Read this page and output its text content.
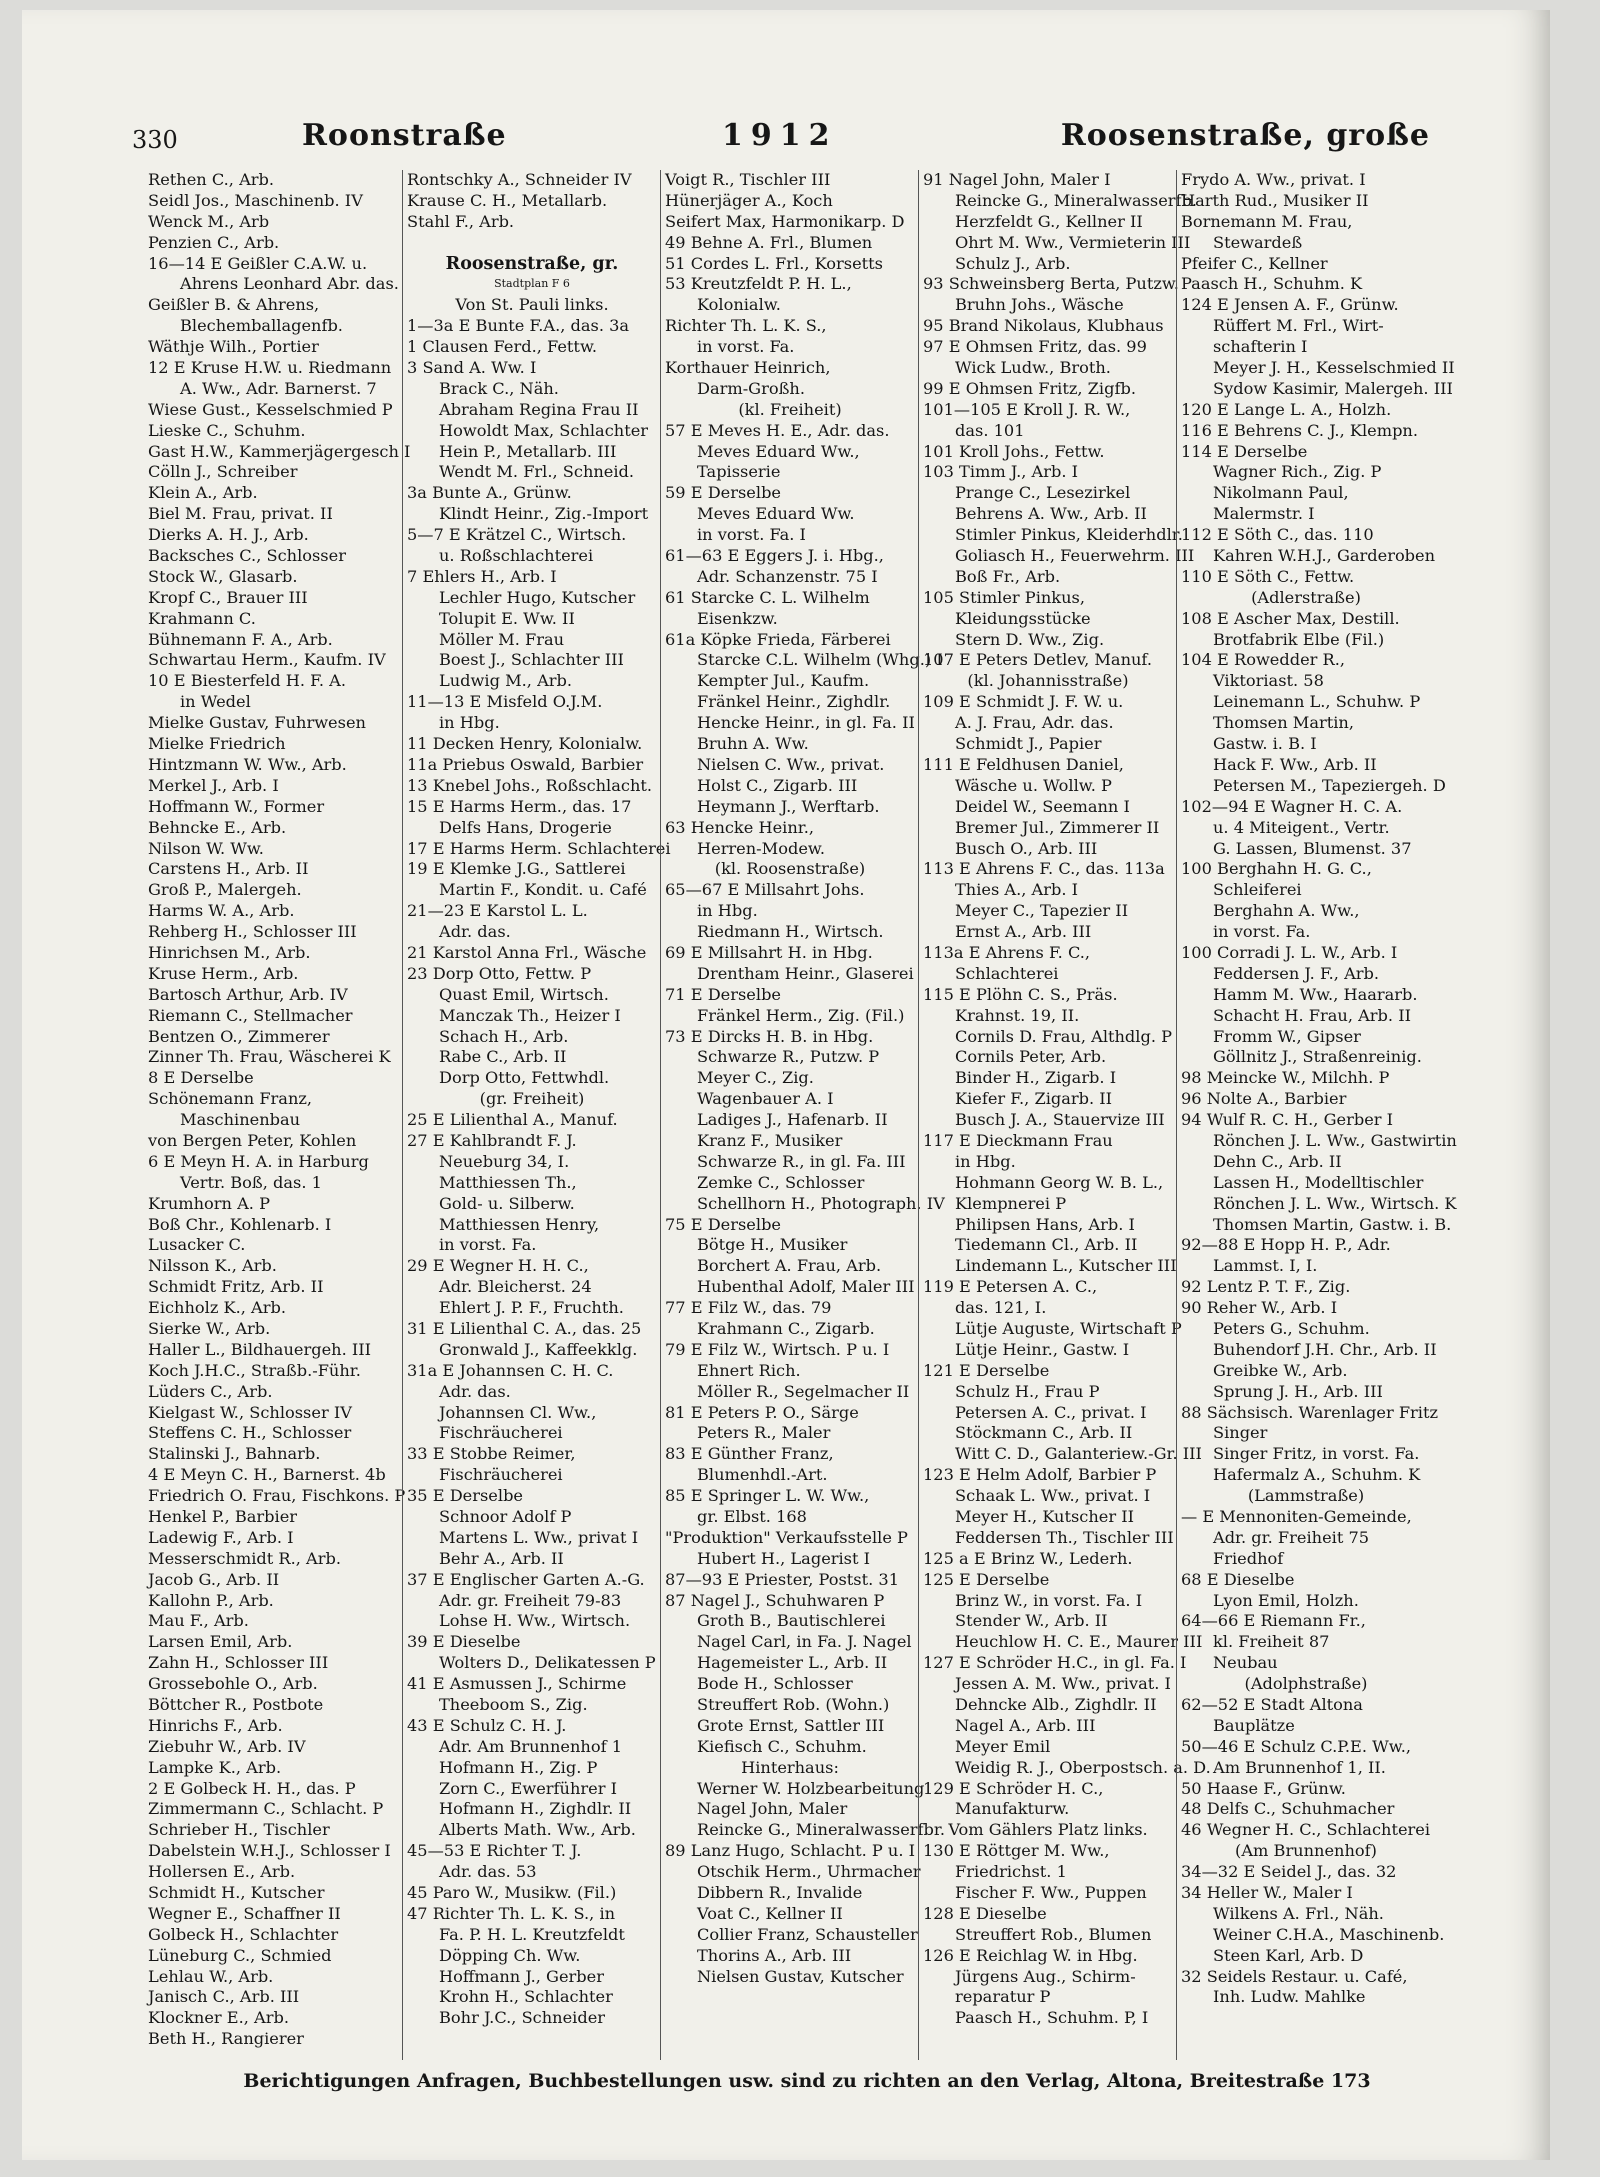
330	Roonstraße	1912	Roosenstraße, große
Rethen C., Arb.
Seidl Jos., Maschinenb. IV
Wenck M., Arb
Penzien C., Arb.
16—14 E Geißler C.A.W. u.
Ahrens Leonhard Abr. das.
Geißler B. & Ahrens,
Blechemballagenfb.
Wäthje Wilh., Portier
12 E Kruse H.W. u. Riedmann
A. Ww., Adr. Barnerst. 7
Wiese Gust., Kesselschmied P
Lieske C., Schuhm.
Gast H.W., Kammerjägergesch I
Cölln J., Schreiber
Klein A., Arb.
Biel M. Frau, privat. II
Dierks A. H. J., Arb.
Backsches C., Schlosser
Stock W., Glasarb.
Kropf C., Brauer III
Krahmann C.
Bühnemann F. A., Arb.
Schwartau Herm., Kaufm. IV
10 E Biesterfeld H. F. A.
in Wedel
Mielke Gustav, Fuhrwesen
Mielke Friedrich
Hintzmann W. Ww., Arb.
Merkel J., Arb. I
Hoffmann W., Former
Behncke E., Arb.
Nilson W. Ww.
Carstens H., Arb. II
Groß P., Malergeh.
Harms W. A., Arb.
Rehberg H., Schlosser III
Hinrichsen M., Arb.
Kruse Herm., Arb.
Bartosch Arthur, Arb. IV
Riemann C., Stellmacher
Bentzen O., Zimmerer
Zinner Th. Frau, Wäscherei K
8 E Derselbe
Schönemann Franz,
Maschinenbau
von Bergen Peter, Kohlen
6 E Meyn H. A. in Harburg
Vertr. Boß, das. 1
Krumhorn A. P
Boß Chr., Kohlenarb. I
Lusacker C.
Nilsson K., Arb.
Schmidt Fritz, Arb. II
Eichholz K., Arb.
Sierke W., Arb.
Haller L., Bildhauergeh. III
Koch J.H.C., Straßb.-Führ.
Lüders C., Arb.
Kielgast W., Schlosser IV
Steffens C. H., Schlosser
Stalinski J., Bahnarb.
4 E Meyn C. H., Barnerst. 4b
Friedrich O. Frau, Fischkons. P
Henkel P., Barbier
Ladewig F., Arb. I
Messerschmidt R., Arb.
Jacob G., Arb. II
Kallohn P., Arb.
Mau F., Arb.
Larsen Emil, Arb.
Zahn H., Schlosser III
Grossebohle O., Arb.
Böttcher R., Postbote
Hinrichs F., Arb.
Ziebuhr W., Arb. IV
Lampke K., Arb.
2 E Golbeck H. H., das. P
Zimmermann C., Schlacht. P
Schrieber H., Tischler
Dabelstein W.H.J., Schlosser I
Hollersen E., Arb.
Schmidt H., Kutscher
Wegner E., Schaffner II
Golbeck H., Schlachter
Lüneburg C., Schmied
Lehlau W., Arb.
Janisch C., Arb. III
Klockner E., Arb.
Beth H., Rangierer
Rontschky A., Schneider IV
Krause C. H., Metallarb.
Stahl F., Arb.
Roosenstraße, gr.
Stadtplan F 6
Von St. Pauli links.
1—3a E Bunte F.A., das. 3a
1 Clausen Ferd., Fettw.
3 Sand A. Ww. I
Brack C., Näh.
Abraham Regina Frau II
Howoldt Max, Schlachter
Hein P., Metallarb. III
Wendt M. Frl., Schneid.
3a Bunte A., Grünw.
Klindt Heinr., Zig.-Import
5—7 E Krätzel C., Wirtsch.
u. Roßschlachterei
7 Ehlers H., Arb. I
Lechler Hugo, Kutscher
Tolupit E. Ww. II
Möller M. Frau
Boest J., Schlachter III
Ludwig M., Arb.
11—13 E Misfeld O.J.M.
in Hbg.
11 Decken Henry, Kolonialw.
11a Priebus Oswald, Barbier
13 Knebel Johs., Roßschlacht.
15 E Harms Herm., das. 17
Delfs Hans, Drogerie
17 E Harms Herm. Schlachterei
19 E Klemke J.G., Sattlerei
Martin F., Kondit. u. Café
21—23 E Karstol L. L.
Adr. das.
21 Karstol Anna Frl., Wäsche
23 Dorp Otto, Fettw. P
Quast Emil, Wirtsch.
Manczak Th., Heizer I
Schach H., Arb.
Rabe C., Arb. II
Dorp Otto, Fettwhdl.
(gr. Freiheit)
25 E Lilienthal A., Manuf.
27 E Kahlbrandt F. J.
Neueburg 34, I.
Matthiessen Th.,
Gold- u. Silberw.
Matthiessen Henry,
in vorst. Fa.
29 E Wegner H. H. C.,
Adr. Bleicherst. 24
Ehlert J. P. F., Fruchth.
31 E Lilienthal C. A., das. 25
Gronwald J., Kaffeekklg.
31a E Johannsen C. H. C.
Adr. das.
Johannsen Cl. Ww.,
Fischräucherei
33 E Stobbe Reimer,
Fischräucherei
35 E Derselbe
Schnoor Adolf P
Martens L. Ww., privat I
Behr A., Arb. II
37 E Englischer Garten A.-G.
Adr. gr. Freiheit 79-83
Lohse H. Ww., Wirtsch.
39 E Dieselbe
Wolters D., Delikatessen P
41 E Asmussen J., Schirme
Theeboom S., Zig.
43 E Schulz C. H. J.
Adr. Am Brunnenhof 1
Hofmann H., Zig. P
Zorn C., Ewerführer I
Hofmann H., Zighdlr. II
Alberts Math. Ww., Arb.
45—53 E Richter T. J.
Adr. das. 53
45 Paro W., Musikw. (Fil.)
47 Richter Th. L. K. S., in
Fa. P. H. L. Kreutzfeldt
Döpping Ch. Ww.
Hoffmann J., Gerber
Krohn H., Schlachter
Bohr J.C., Schneider
Voigt R., Tischler III
Hünerjäger A., Koch
Seifert Max, Harmonikarp. D
49 Behne A. Frl., Blumen
51 Cordes L. Frl., Korsetts
53 Kreutzfeldt P. H. L.,
Kolonialw.
Richter Th. L. K. S.,
in vorst. Fa.
Korthauer Heinrich,
Darm-Großh.
(kl. Freiheit)
57 E Meves H. E., Adr. das.
Meves Eduard Ww.,
Tapisserie
59 E Derselbe
Meves Eduard Ww.
in vorst. Fa. I
61—63 E Eggers J. i. Hbg.,
Adr. Schanzenstr. 75 I
61 Starcke C. L. Wilhelm
Eisenkzw.
61a Köpke Frieda, Färberei
Starcke C.L. Wilhelm (Whg.) I
Kempter Jul., Kaufm.
Fränkel Heinr., Zighdlr.
Hencke Heinr., in gl. Fa. II
Bruhn A. Ww.
Nielsen C. Ww., privat.
Holst C., Zigarb. III
Heymann J., Werftarb.
63 Hencke Heinr.,
Herren-Modew.
(kl. Roosenstraße)
65—67 E Millsahrt Johs.
in Hbg.
Riedmann H., Wirtsch.
69 E Millsahrt H. in Hbg.
Drentham Heinr., Glaserei
71 E Derselbe
Fränkel Herm., Zig. (Fil.)
73 E Dircks H. B. in Hbg.
Schwarze R., Putzw. P
Meyer C., Zig.
Wagenbauer A. I
Ladiges J., Hafenarb. II
Kranz F., Musiker
Schwarze R., in gl. Fa. III
Zemke C., Schlosser
Schellhorn H., Photograph. IV
75 E Derselbe
Bötge H., Musiker
Borchert A. Frau, Arb.
Hubenthal Adolf, Maler III
77 E Filz W., das. 79
Krahmann C., Zigarb.
79 E Filz W., Wirtsch. P u. I
Ehnert Rich.
Möller R., Segelmacher II
81 E Peters P. O., Särge
Peters R., Maler
83 E Günther Franz,
Blumenhdl.-Art.
85 E Springer L. W. Ww.,
gr. Elbst. 168
"Produktion" Verkaufsstelle P
Hubert H., Lagerist I
87—93 E Priester, Postst. 31
87 Nagel J., Schuhwaren P
Groth B., Bautischlerei
Nagel Carl, in Fa. J. Nagel
Hagemeister L., Arb. II
Bode H., Schlosser
Streuffert Rob. (Wohn.)
Grote Ernst, Sattler III
Kiefisch C., Schuhm.
Hinterhaus:
Werner W. Holzbearbeitung
Nagel John, Maler
Reincke G., Mineralwasserfbr.
89 Lanz Hugo, Schlacht. P u. I
Otschik Herm., Uhrmacher
Dibbern R., Invalide
Voat C., Kellner II
Collier Franz, Schausteller
Thorins A., Arb. III
Nielsen Gustav, Kutscher
91 Nagel John, Maler I
Reincke G., Mineralwasserfb.
Herzfeldt G., Kellner II
Ohrt M. Ww., Vermieterin III
Schulz J., Arb.
93 Schweinsberg Berta, Putzw.
Bruhn Johs., Wäsche
95 Brand Nikolaus, Klubhaus
97 E Ohmsen Fritz, das. 99
Wick Ludw., Broth.
99 E Ohmsen Fritz, Zigfb.
101—105 E Kroll J. R. W.,
das. 101
101 Kroll Johs., Fettw.
103 Timm J., Arb. I
Prange C., Lesezirkel
Behrens A. Ww., Arb. II
Stimler Pinkus, Kleiderhdlr.
Goliasch H., Feuerwehrm. III
Boß Fr., Arb.
105 Stimler Pinkus,
Kleidungsstücke
Stern D. Ww., Zig.
107 E Peters Detlev, Manuf.
(kl. Johannisstraße)
109 E Schmidt J. F. W. u.
A. J. Frau, Adr. das.
Schmidt J., Papier
111 E Feldhusen Daniel,
Wäsche u. Wollw. P
Deidel W., Seemann I
Bremer Jul., Zimmerer II
Busch O., Arb. III
113 E Ahrens F. C., das. 113a
Thies A., Arb. I
Meyer C., Tapezier II
Ernst A., Arb. III
113a E Ahrens F. C.,
Schlachterei
115 E Plöhn C. S., Präs.
Krahnst. 19, II.
Cornils D. Frau, Althdlg. P
Cornils Peter, Arb.
Binder H., Zigarb. I
Kiefer F., Zigarb. II
Busch J. A., Stauervize III
117 E Dieckmann Frau
in Hbg.
Hohmann Georg W. B. L.,
Klempnerei P
Philipsen Hans, Arb. I
Tiedemann Cl., Arb. II
Lindemann L., Kutscher III
119 E Petersen A. C.,
das. 121, I.
Lütje Auguste, Wirtschaft P
Lütje Heinr., Gastw. I
121 E Derselbe
Schulz H., Frau P
Petersen A. C., privat. I
Stöckmann C., Arb. II
Witt C. D., Galanteriew.-Gr. III
123 E Helm Adolf, Barbier P
Schaak L. Ww., privat. I
Meyer H., Kutscher II
Feddersen Th., Tischler III
125 a E Brinz W., Lederh.
125 E Derselbe
Brinz W., in vorst. Fa. I
Stender W., Arb. II
Heuchlow H. C. E., Maurer III
127 E Schröder H.C., in gl. Fa. I
Jessen A. M. Ww., privat. I
Dehncke Alb., Zighdlr. II
Nagel A., Arb. III
Meyer Emil
Weidig R. J., Oberpostsch. a. D.
129 E Schröder H. C.,
Manufakturw.
Vom Gählers Platz links.
130 E Röttger M. Ww.,
Friedrichst. 1
Fischer F. Ww., Puppen
128 E Dieselbe
Streuffert Rob., Blumen
126 E Reichlag W. in Hbg.
Jürgens Aug., Schirm-
reparatur P
Paasch H., Schuhm. P, I
Frydo A. Ww., privat. I
Harth Rud., Musiker II
Bornemann M. Frau,
Stewardeß
Pfeifer C., Kellner
Paasch H., Schuhm. K
124 E Jensen A. F., Grünw.
Rüffert M. Frl., Wirt-
schafterin I
Meyer J. H., Kesselschmied II
Sydow Kasimir, Malergeh. III
120 E Lange L. A., Holzh.
116 E Behrens C. J., Klempn.
114 E Derselbe
Wagner Rich., Zig. P
Nikolmann Paul,
Malermstr. I
112 E Söth C., das. 110
Kahren W.H.J., Garderoben
110 E Söth C., Fettw.
(Adlerstraße)
108 E Ascher Max, Destill.
Brotfabrik Elbe (Fil.)
104 E Rowedder R.,
Viktoriast. 58
Leinemann L., Schuhw. P
Thomsen Martin,
Gastw. i. B. I
Hack F. Ww., Arb. II
Petersen M., Tapeziergeh. D
102—94 E Wagner H. C. A.
u. 4 Miteigent., Vertr.
G. Lassen, Blumenst. 37
100 Berghahn H. G. C.,
Schleiferei
Berghahn A. Ww.,
in vorst. Fa.
100 Corradi J. L. W., Arb. I
Feddersen J. F., Arb.
Hamm M. Ww., Haararb.
Schacht H. Frau, Arb. II
Fromm W., Gipser
Göllnitz J., Straßenreinig.
98 Meincke W., Milchh. P
96 Nolte A., Barbier
94 Wulf R. C. H., Gerber I
Rönchen J. L. Ww., Gastwirtin
Dehn C., Arb. II
Lassen H., Modelltischler
Rönchen J. L. Ww., Wirtsch. K
Thomsen Martin, Gastw. i. B.
92—88 E Hopp H. P., Adr.
Lammst. I, I.
92 Lentz P. T. F., Zig.
90 Reher W., Arb. I
Peters G., Schuhm.
Buhendorf J.H. Chr., Arb. II
Greibke W., Arb.
Sprung J. H., Arb. III
88 Sächsisch. Warenlager Fritz
Singer
Singer Fritz, in vorst. Fa.
Hafermalz A., Schuhm. K
(Lammstraße)
— E Mennoniten-Gemeinde,
Adr. gr. Freiheit 75
Friedhof
68 E Dieselbe
Lyon Emil, Holzh.
64—66 E Riemann Fr.,
kl. Freiheit 87
Neubau
(Adolphstraße)
62—52 E Stadt Altona
Bauplätze
50—46 E Schulz C.P.E. Ww.,
Am Brunnenhof 1, II.
50 Haase F., Grünw.
48 Delfs C., Schuhmacher
46 Wegner H. C., Schlachterei
(Am Brunnenhof)
34—32 E Seidel J., das. 32
34 Heller W., Maler I
Wilkens A. Frl., Näh.
Weiner C.H.A., Maschinenb.
Steen Karl, Arb. D
32 Seidels Restaur. u. Café,
Inh. Ludw. Mahlke
Berichtigungen Anfragen, Buchbestellungen usw. sind zu richten an den Verlag, Altona, Breitestraße 173
